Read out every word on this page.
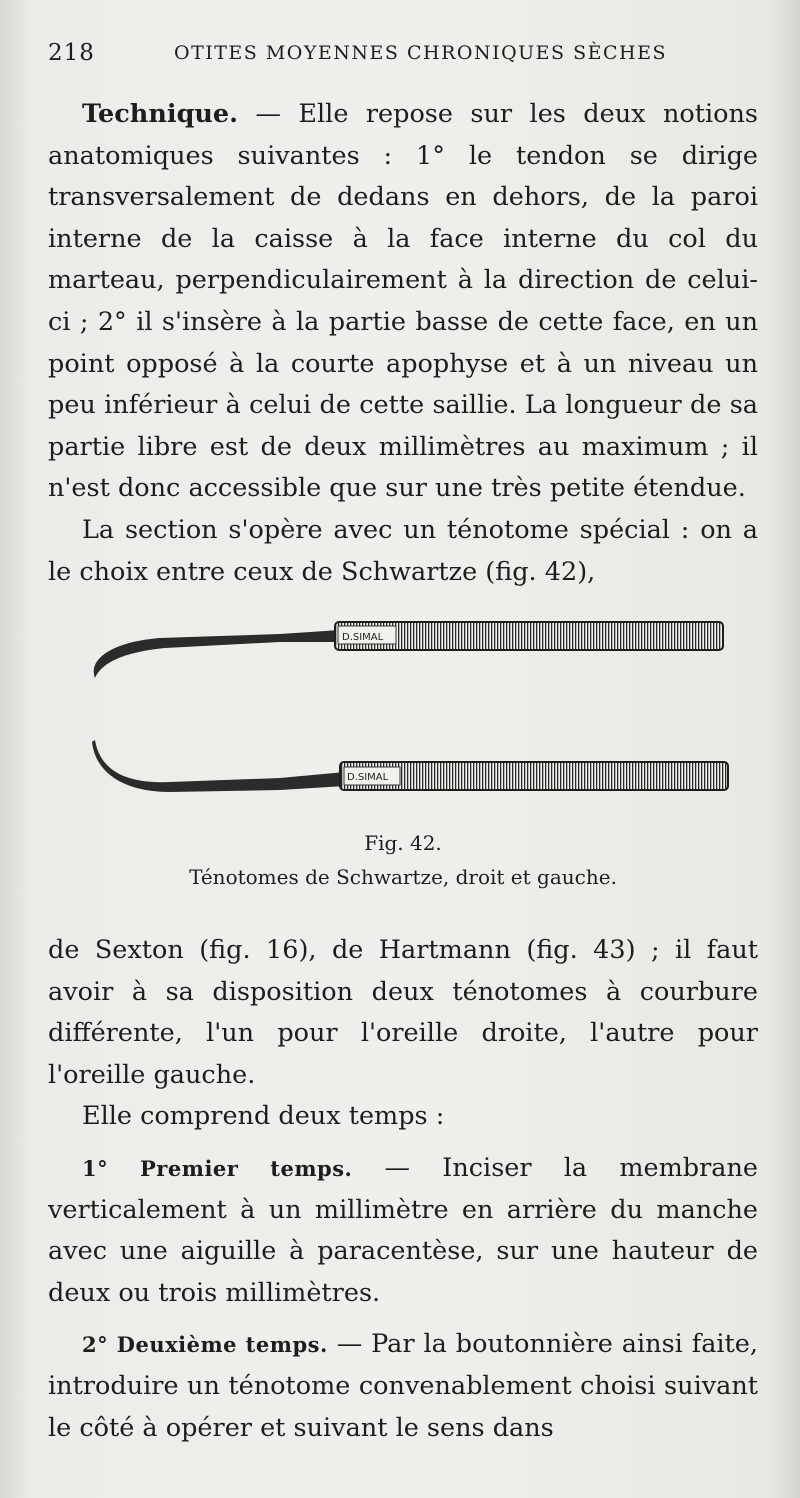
218	OTITES MOYENNES CHRONIQUES SÈCHES

Technique. — Elle repose sur les deux notions anatomiques suivantes : 1° le tendon se dirige transversalement de dedans en dehors, de la paroi interne de la caisse à la face interne du col du marteau, perpendiculairement à la direction de celui-ci ; 2° il s'insère à la partie basse de cette face, en un point opposé à la courte apophyse et à un niveau un peu inférieur à celui de cette saillie. La longueur de sa partie libre est de deux millimètres au maximum ; il n'est donc accessible que sur une très petite étendue.

La section s'opère avec un ténotome spécial : on a le choix entre ceux de Schwartze (fig. 42),

D.SIMAL
D.SIMAL
Fig. 42.
Ténotomes de Schwartze, droit et gauche.

de Sexton (fig. 16), de Hartmann (fig. 43) ; il faut avoir à sa disposition deux ténotomes à courbure différente, l'un pour l'oreille droite, l'autre pour l'oreille gauche.

Elle comprend deux temps :

1° Premier temps. — Inciser la membrane verticalement à un millimètre en arrière du manche avec une aiguille à paracentèse, sur une hauteur de deux ou trois millimètres.

2° Deuxième temps. — Par la boutonnière ainsi faite, introduire un ténotome convenablement choisi suivant le côté à opérer et suivant le sens dans
